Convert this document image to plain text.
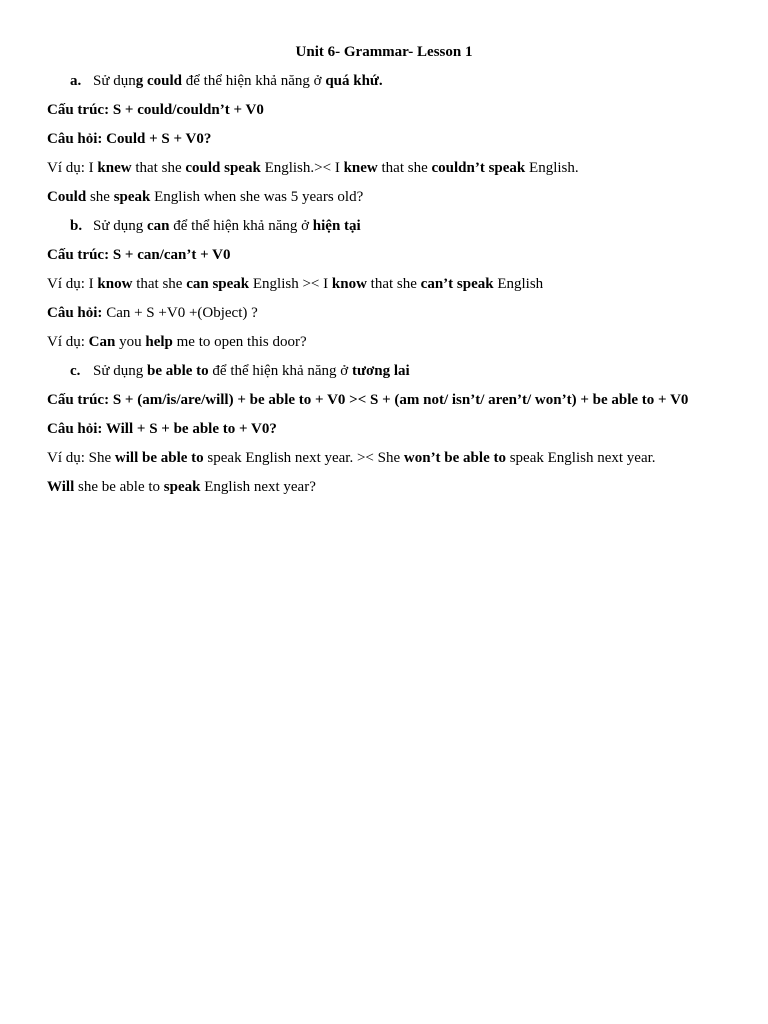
Unit 6- Grammar- Lesson 1
a. Sử dụng could để thể hiện khả năng ở quá khứ.
Cấu trúc: S + could/couldn’t + V0
Câu hỏi: Could + S + V0?
Ví dụ: I knew that she could speak English.>< I knew that she couldn’t speak English.
Could she speak English when she was 5 years old?
b. Sử dụng can để thể hiện khả năng ở hiện tại
Cấu trúc: S + can/can’t + V0
Ví dụ: I know that she can speak English >< I know that she can’t speak English
Câu hỏi: Can + S +V0 +(Object) ?
Ví dụ: Can you help me to open this door?
c. Sử dụng be able to để thể hiện khả năng ở tương lai
Cấu trúc: S + (am/is/are/will) + be able to + V0 >< S + (am not/ isn’t/ aren’t/ won’t) + be able to + V0
Câu hỏi: Will + S + be able to + V0?
Ví dụ: She will be able to speak English next year. >< She won’t be able to speak English next year.
Will she be able to speak English next year?
